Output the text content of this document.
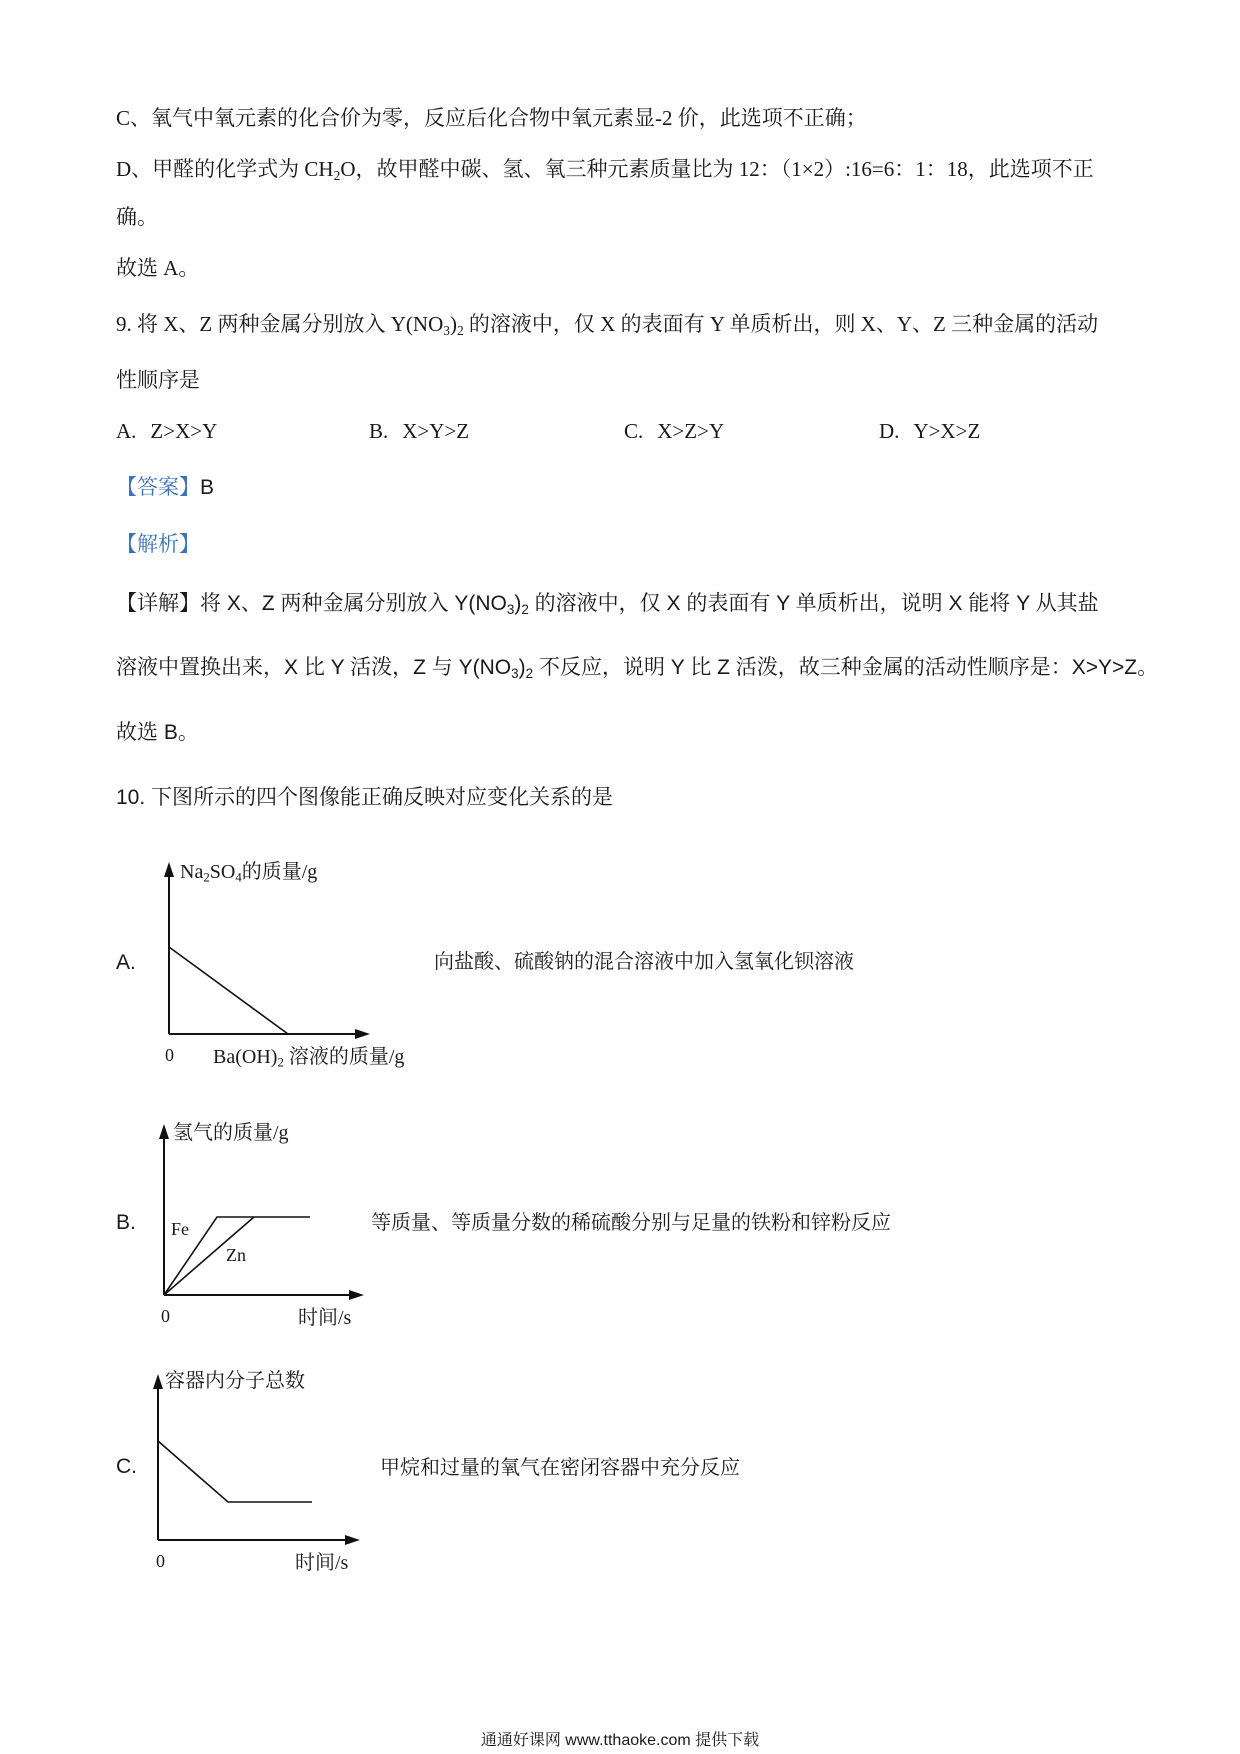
C、氧气中氧元素的化合价为零，反应后化合物中氧元素显-2 价，此选项不正确；
D、甲醛的化学式为 $CH_2O$，故甲醛中碳、氢、氧三种元素质量比为 12：（1×2）:16=6：1：18，此选项不正
确。
故选 A。
9. 将 X、Z 两种金属分别放入 $Y(NO_3)_2$ 的溶液中，仅 X 的表面有 Y 单质析出，则 X、Y、Z 三种金属的活动
性顺序是
A. Z>X>Y	B. X>Y>Z	C. X>Z>Y	D. Y>X>Z
【答案】B
【解析】
【详解】将 X、Z 两种金属分别放入 $Y(NO_3)_2$ 的溶液中，仅 X 的表面有 Y 单质析出，说明 X 能将 Y 从其盐
溶液中置换出来，X 比 Y 活泼，Z 与 $Y(NO_3)_2$ 不反应，说明 Y 比 Z 活泼，故三种金属的活动性顺序是：X>Y>Z。
故选 B。
10. 下图所示的四个图像能正确反映对应变化关系的是
A.
$Na_2SO_4$的质量/g
0 $Ba(OH)_2$ 溶液的质量/g
向盐酸、硫酸钠的混合溶液中加入氢氧化钡溶液
B.
氢气的质量/g
0	时间/s
Fe
Zn
等质量、等质量分数的稀硫酸分别与足量的铁粉和锌粉反应
C.
容器内分子总数
0	时间/s
甲烷和过量的氧气在密闭容器中充分反应
通通好课网 www.tthaoke.com 提供下载
